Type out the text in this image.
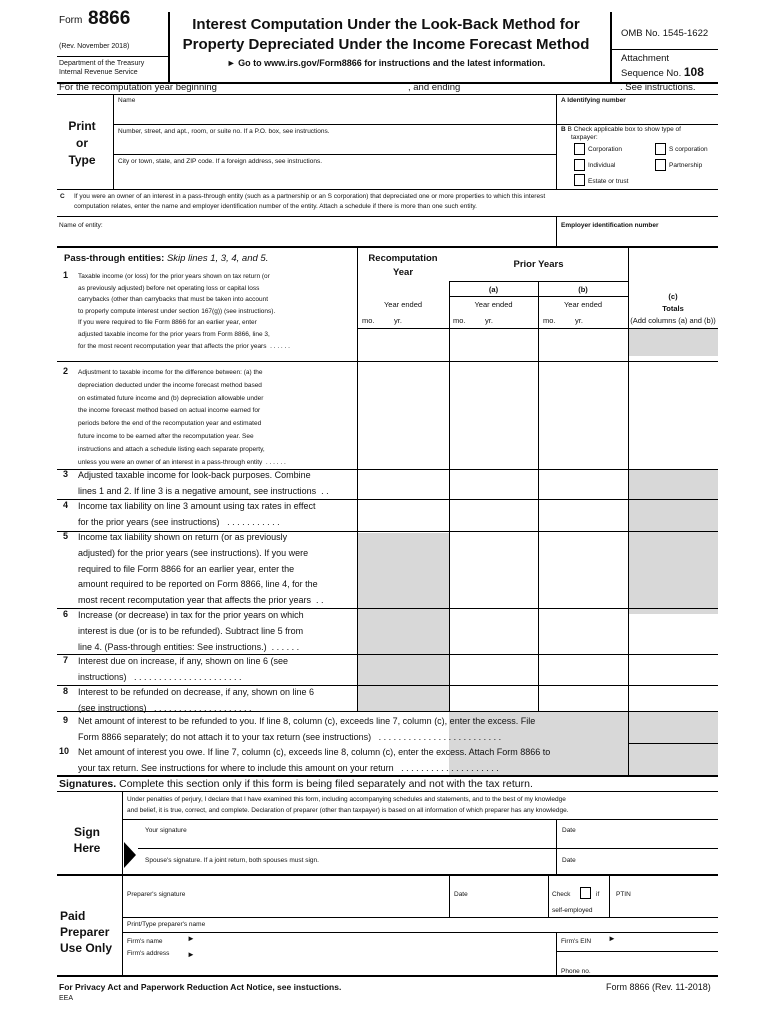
Form 8866
(Rev. November 2018)
Department of the Treasury
Internal Revenue Service
Interest Computation Under the Look-Back Method for
Property Depreciated Under the Income Forecast Method
► Go to www.irs.gov/Form8866 for instructions and the latest information.
OMB No. 1545-1622
Attachment
Sequence No. 108
For the recomputation year beginning	, and ending	. See instructions.
Print
or
Type
Name
Number, street, and apt., room, or suite no. If a P.O. box, see instructions.
City or town, state, and ZIP code. If a foreign address, see instructions.
A Identifying number
B B Check applicable box to show type of
taxpayer:
Corporation	S corporation
Individual	Partnership
Estate or trust
C If you were an owner of an interest in a pass-through entity (such as a partnership or an S corporation) that depreciated one or more properties to which this interest
computation relates, enter the name and employer identification number of the entity. Attach a schedule if there is more than one such entity.
Name of entity:	Employer identification number
Pass-through entities: Skip lines 1, 3, 4, and 5.	Recomputation
Year
Prior Years
(a)	(b)
(c)
Totals
(Add columns (a) and (b))
Year ended
mo.	yr.
Year ended
mo.	yr.
Year ended
mo.	yr.
1 Taxable income (or loss) for the prior years shown on tax return (or
as previously adjusted) before net operating loss or capital loss
carrybacks (other than carrybacks that must be taken into account
to properly compute interest under section 167(g)) (see instructions).
If you were required to file Form 8866 for an earlier year, enter
adjusted taxable income for the prior years from Form 8866, line 3,
for the most recent recomputation year that affects the prior years  . . . . . .
2 Adjustment to taxable income for the difference between: (a) the
depreciation deducted under the income forecast method based
on estimated future income and (b) depreciation allowable under
the income forecast method based on actual income earned for
periods before the end of the recomputation year and estimated
future income to be earned after the recomputation year. See
instructions and attach a schedule listing each separate property,
unless you were an owner of an interest in a pass-through entity  . . . . . .
3 Adjusted taxable income for look-back purposes. Combine
lines 1 and 2. If line 3 is a negative amount, see instructions  . .
4 Income tax liability on line 3 amount using tax rates in effect
for the prior years (see instructions)   . . . . . . . . . . .
5 Income tax liability shown on return (or as previously
adjusted) for the prior years (see instructions). If you were
required to file Form 8866 for an earlier year, enter the
amount required to be reported on Form 8866, line 4, for the
most recent recomputation year that affects the prior years  . .
6 Increase (or decrease) in tax for the prior years on which
interest is due (or is to be refunded). Subtract line 5 from
line 4. (Pass-through entities: See instructions.)  . . . . . .
7 Interest due on increase, if any, shown on line 6 (see
instructions)   . . . . . . . . . . . . . . . . . . . . . .
8 Interest to be refunded on decrease, if any, shown on line 6
(see instructions)   . . . . . . . . . . . . . . . . . . . .
9 Net amount of interest to be refunded to you. If line 8, column (c), exceeds line 7, column (c), enter the excess. File
Form 8866 separately; do not attach it to your tax return (see instructions)   . . . . . . . . . . . . . . . . . . . . . . . . .
10 Net amount of interest you owe. If line 7, column (c), exceeds line 8, column (c), enter the excess. Attach Form 8866 to
your tax return. See instructions for where to include this amount on your return   . . . . . . . . . . . . . . . . . . . .
Signatures. Complete this section only if this form is being filed separately and not with the tax return.
Under penalties of perjury, I declare that I have examined this form, including accompanying schedules and statements, and to the best of my knowledge
and belief, it is true, correct, and complete. Declaration of preparer (other than taxpayer) is based on all information of which preparer has any knowledge.
Sign
Here
Your signature	Date
Spouse's signature. If a joint return, both spouses must sign.	Date
Paid
Preparer
Use Only
Preparer's signature	Date	Check	if
self-employed
PTIN
Print/Type preparer's name
Firm's name	►
Firm's address ►
Firm's EIN ►
Phone no.
For Privacy Act and Paperwork Reduction Act Notice, see instuctions.
EEA
Form 8866 (Rev. 11-2018)
